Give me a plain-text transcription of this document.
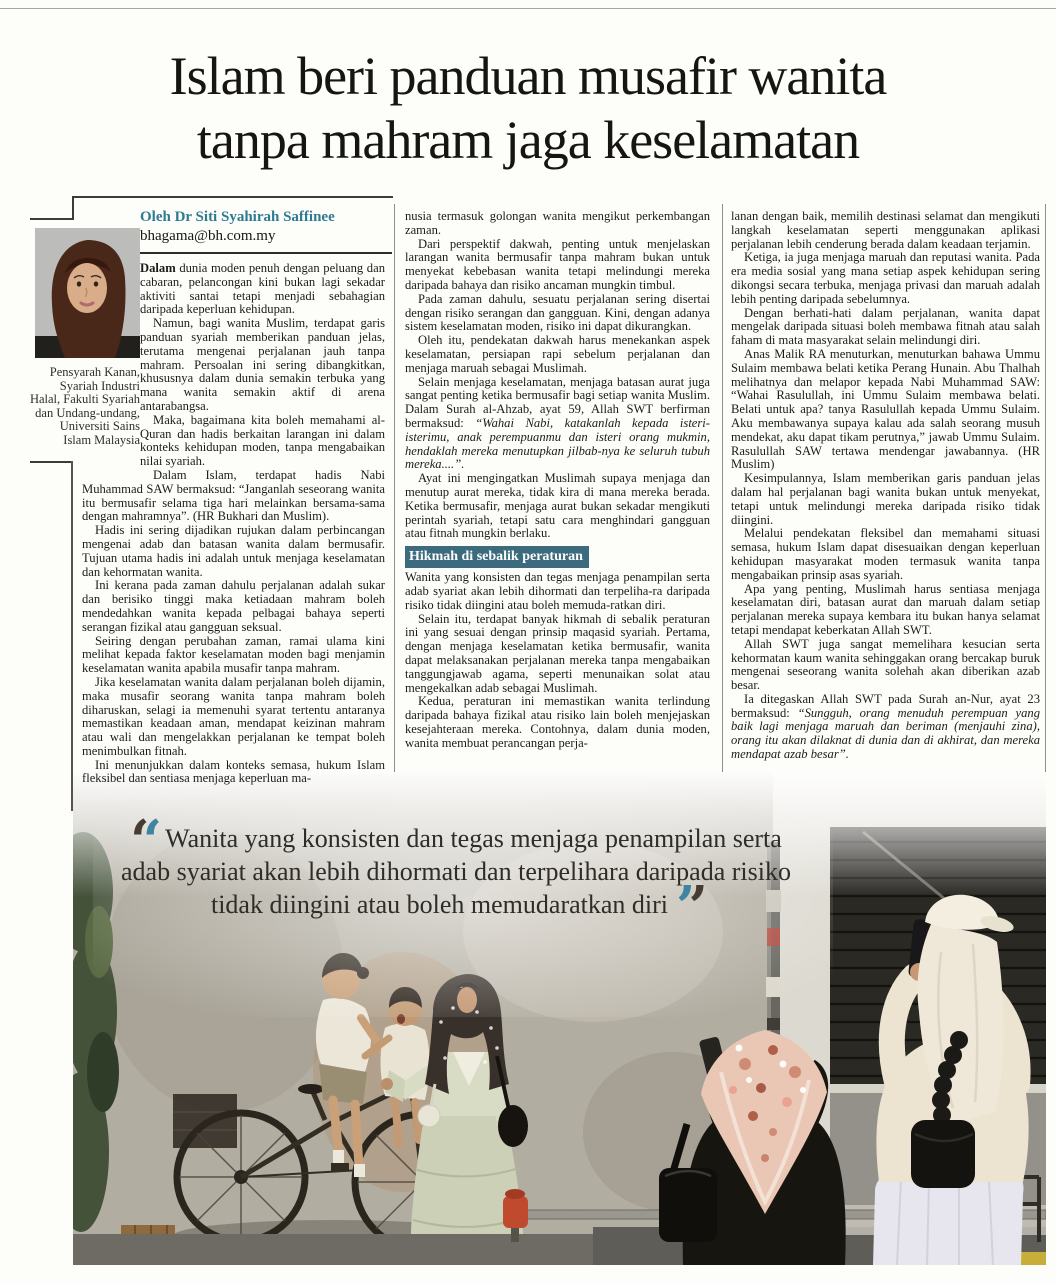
Islam beri panduan musafir wanita
tanpa mahram jaga keselamatan
Pensyarah Kanan,
Syariah Industri
Halal, Fakulti Syariah
dan Undang-undang,
Universiti Sains
Islam Malaysia
Oleh Dr Siti Syahirah Saffinee
bhagama@bh.com.my

Dalam dunia moden penuh dengan peluang dan cabaran, pelancongan kini bukan lagi sekadar aktiviti santai tetapi menjadi sebahagian daripada keperluan kehidupan.

Namun, bagi wanita Muslim, terdapat garis panduan syariah memberikan panduan jelas, terutama mengenai perjalanan jauh tanpa mahram. Persoalan ini sering dibangkitkan, khususnya dalam dunia semakin terbuka yang mana wanita semakin aktif di arena antarabangsa.

Maka, bagaimana kita boleh memahami al-Quran dan hadis berkaitan larangan ini dalam konteks kehidupan moden, tanpa mengabaikan nilai syariah.

Dalam Islam, terdapat hadis Nabi Muhammad SAW bermaksud: “Janganlah seseorang wanita itu bermusafir selama tiga hari melainkan bersama-sama dengan mahramnya”. (HR Bukhari dan Muslim).

Hadis ini sering dijadikan rujukan dalam perbincangan mengenai adab dan batasan wanita dalam bermusafir. Tujuan utama hadis ini adalah untuk menjaga keselamatan dan kehormatan wanita.

Ini kerana pada zaman dahulu perjalanan adalah sukar dan berisiko tinggi maka ketiadaan mahram boleh mendedahkan wanita kepada pelbagai bahaya seperti serangan fizikal atau gangguan seksual.

Seiring dengan perubahan zaman, ramai ulama kini melihat kepada faktor keselamatan moden bagi menjamin keselamatan wanita apabila musafir tanpa mahram.

Jika keselamatan wanita dalam perjalanan boleh dijamin, maka musafir seorang wanita tanpa mahram boleh diharuskan, selagi ia memenuhi syarat tertentu antaranya memastikan keadaan aman, mendapat keizinan mahram atau wali dan mengelakkan perjalanan ke tempat boleh menimbulkan fitnah.

Ini menunjukkan dalam konteks semasa, hukum Islam fleksibel dan sentiasa menjaga keperluan ma-

nusia termasuk golongan wanita mengikut perkembangan zaman.

Dari perspektif dakwah, penting untuk menjelaskan larangan wanita bermusafir tanpa mahram bukan untuk menyekat kebebasan wanita tetapi melindungi mereka daripada bahaya dan risiko ancaman mungkin timbul.

Pada zaman dahulu, sesuatu perjalanan sering disertai dengan risiko serangan dan gangguan. Kini, dengan adanya sistem keselamatan moden, risiko ini dapat dikurangkan.

Oleh itu, pendekatan dakwah harus menekankan aspek keselamatan, persiapan rapi sebelum perjalanan dan menjaga maruah sebagai Muslimah.

Selain menjaga keselamatan, menjaga batasan aurat juga sangat penting ketika bermusafir bagi setiap wanita Muslim. Dalam Surah al-Ahzab, ayat 59, Allah SWT berfirman bermaksud: “Wahai Nabi, katakanlah kepada isteri-isterimu, anak perempuanmu dan isteri orang mukmin, hendaklah mereka menutupkan jilbab-nya ke seluruh tubuh mereka....”.

Ayat ini mengingatkan Muslimah supaya menjaga dan menutup aurat mereka, tidak kira di mana mereka berada. Ketika bermusafir, menjaga aurat bukan sekadar mengikuti perintah syariah, tetapi satu cara menghindari gangguan atau fitnah mungkin berlaku.

Hikmah di sebalik peraturan

Wanita yang konsisten dan tegas menjaga penampilan serta adab syariat akan lebih dihormati dan terpeliha-ra daripada risiko tidak diingini atau boleh memuda-ratkan diri.

Selain itu, terdapat banyak hikmah di sebalik peraturan ini yang sesuai dengan prinsip maqasid syariah. Pertama, dengan menjaga keselamatan ketika bermusafir, wanita dapat melaksanakan perjalanan mereka tanpa mengabaikan tanggungjawab agama, seperti menunaikan solat atau mengekalkan adab sebagai Muslimah.

Kedua, peraturan ini memastikan wanita terlindung daripada bahaya fizikal atau risiko lain boleh menjejaskan kesejahteraan mereka. Contohnya, dalam dunia moden, wanita membuat perancangan perja-

lanan dengan baik, memilih destinasi selamat dan mengikuti langkah keselamatan seperti menggunakan aplikasi perjalanan lebih cenderung berada dalam keadaan terjamin.

Ketiga, ia juga menjaga maruah dan reputasi wanita. Pada era media sosial yang mana setiap aspek kehidupan sering dikongsi secara terbuka, menjaga privasi dan maruah adalah lebih penting daripada sebelumnya.

Dengan berhati-hati dalam perjalanan, wanita dapat mengelak daripada situasi boleh membawa fitnah atau salah faham di mata masyarakat selain melindungi diri.

Anas Malik RA menuturkan, menuturkan bahawa Ummu Sulaim membawa belati ketika Perang Hunain. Abu Thalhah melihatnya dan melapor kepada Nabi Muhammad SAW: “Wahai Rasulullah, ini Ummu Sulaim membawa belati. Belati untuk apa? tanya Rasulullah kepada Ummu Sulaim. Aku membawanya supaya kalau ada salah seorang musuh mendekat, aku dapat tikam perutnya,” jawab Ummu Sulaim. Rasulullah SAW tertawa mendengar jawabannya. (HR Muslim)

Kesimpulannya, Islam memberikan garis panduan jelas dalam hal perjalanan bagi wanita bukan untuk menyekat, tetapi untuk melindungi mereka daripada risiko tidak diingini.

Melalui pendekatan fleksibel dan memahami situasi semasa, hukum Islam dapat disesuaikan dengan keperluan kehidupan masyarakat moden termasuk wanita tanpa mengabaikan prinsip asas syariah.

Apa yang penting, Muslimah harus sentiasa menjaga keselamatan diri, batasan aurat dan maruah dalam setiap perjalanan mereka supaya kembara itu bukan hanya selamat tetapi mendapat keberkatan Allah SWT.

Allah SWT juga sangat memelihara kesucian serta kehormatan kaum wanita sehinggakan orang bercakap buruk mengenai seseorang wanita solehah akan diberikan azab besar.

Ia ditegaskan Allah SWT pada Surah an-Nur, ayat 23 bermaksud: “Sungguh, orang menuduh perempuan yang baik lagi menjaga maruah dan beriman (menjauhi zina), orang itu akan dilaknat di dunia dan di akhirat, dan mereka mendapat azab besar”.

‘‘ Wanita yang konsisten dan tegas menjaga penampilan serta adab syariat akan lebih dihormati dan terpelihara daripada risiko tidak diingini atau boleh memudaratkan diri ’’
